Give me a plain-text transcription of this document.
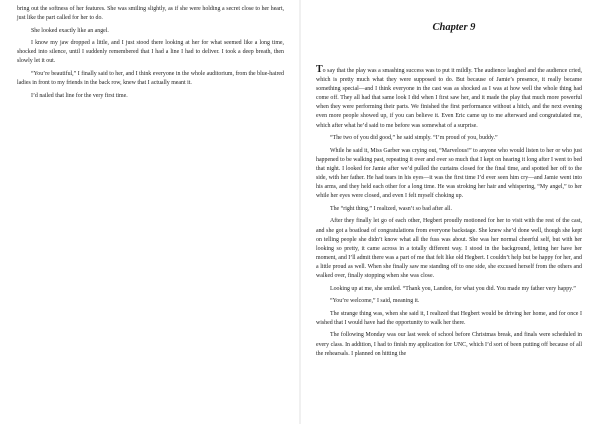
bring out the softness of her features. She was smiling slightly, as if she were holding a secret close to her heart, just like the part called for her to do.

She looked exactly like an angel.

I know my jaw dropped a little, and I just stood there looking at her for what seemed like a long time, shocked into silence, until I suddenly remembered that I had a line I had to deliver. I took a deep breath, then slowly let it out.

“You’re beautiful,” I finally said to her, and I think everyone in the whole auditorium, from the blue-haired ladies in front to my friends in the back row, knew that I actually meant it.

I’d nailed that line for the very first time.

Chapter 9

To say that the play was a smashing success was to put it mildly. The audience laughed and the audience cried, which is pretty much what they were supposed to do. But because of Jamie’s presence, it really became something special—and I think everyone in the cast was as shocked as I was at how well the whole thing had come off. They all had that same look I did when I first saw her, and it made the play that much more powerful when they were performing their parts. We finished the first performance without a hitch, and the next evening even more people showed up, if you can believe it. Even Eric came up to me afterward and congratulated me, which after what he’d said to me before was somewhat of a surprise.

“The two of you did good,” he said simply. “I’m proud of you, buddy.”

While he said it, Miss Garber was crying out, “Marvelous!” to anyone who would listen to her or who just happened to be walking past, repeating it over and over so much that I kept on hearing it long after I went to bed that night. I looked for Jamie after we’d pulled the curtains closed for the final time, and spotted her off to the side, with her father. He had tears in his eyes—it was the first time I’d ever seen him cry—and Jamie went into his arms, and they held each other for a long time. He was stroking her hair and whispering, “My angel,” to her while her eyes were closed, and even I felt myself choking up.

The “right thing,” I realized, wasn’t so bad after all.

After they finally let go of each other, Hegbert proudly motioned for her to visit with the rest of the cast, and she got a boatload of congratulations from everyone backstage. She knew she’d done well, though she kept on telling people she didn’t know what all the fuss was about. She was her normal cheerful self, but with her looking so pretty, it came across in a totally different way. I stood in the background, letting her have her moment, and I’ll admit there was a part of me that felt like old Hegbert. I couldn’t help but be happy for her, and a little proud as well. When she finally saw me standing off to one side, she excused herself from the others and walked over, finally stopping when she was close.

Looking up at me, she smiled. “Thank you, Landon, for what you did. You made my father very happy.”

“You’re welcome,” I said, meaning it.

The strange thing was, when she said it, I realized that Hegbert would be driving her home, and for once I wished that I would have had the opportunity to walk her there.

The following Monday was our last week of school before Christmas break, and finals were scheduled in every class. In addition, I had to finish my application for UNC, which I’d sort of been putting off because of all the rehearsals. I planned on hitting the
